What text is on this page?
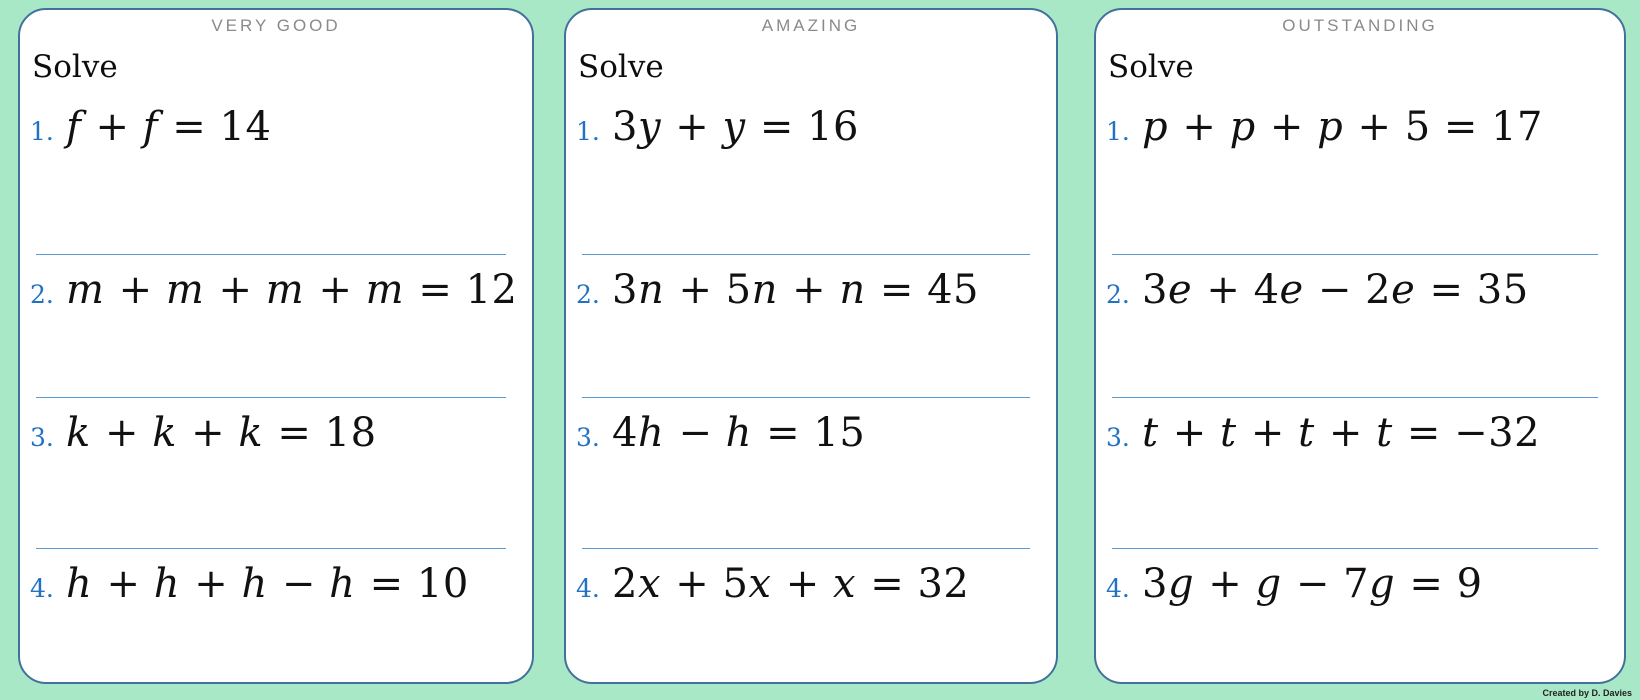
VERY GOOD
Solve
1. f + f = 14
2. m + m + m + m = 12
3. k + k + k = 18
4. h + h + h − h = 10
AMAZING
Solve
1. 3y + y = 16
2. 3n + 5n + n = 45
3. 4h − h = 15
4. 2x + 5x + x = 32
OUTSTANDING
Solve
1. p + p + p + 5 = 17
2. 3e + 4e − 2e = 35
3. t + t + t + t = −32
4. 3g + g − 7g = 9
Created by D. Davies
